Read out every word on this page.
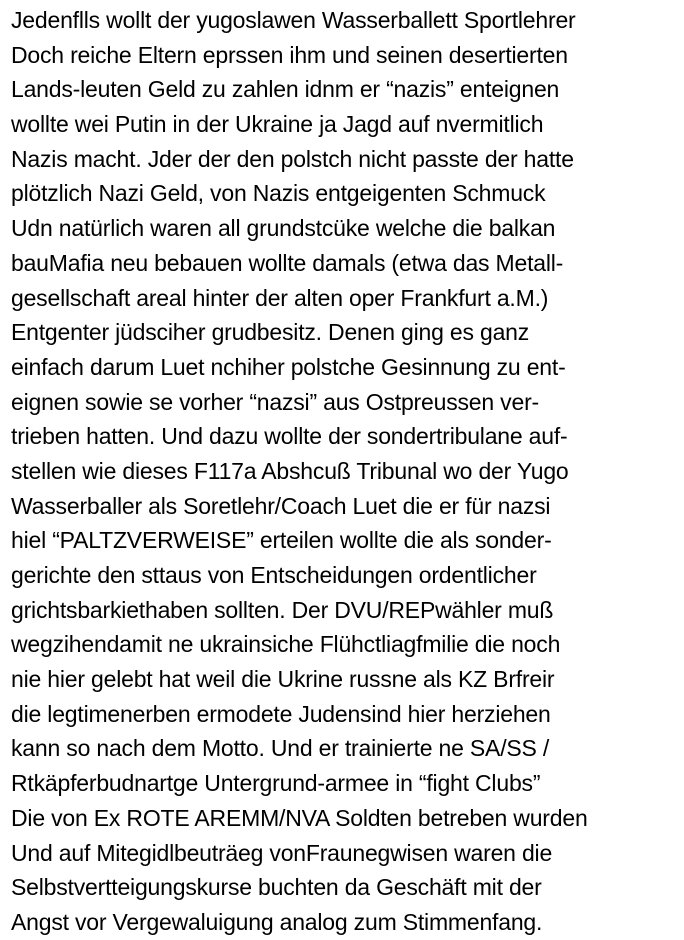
Jedenflls wollt der yugoslawen Wasserballett Sportlehrer
Doch reiche Eltern eprssen ihm und seinen desertierten
Lands-leuten Geld zu zahlen idnm er “nazis” enteignen
wollte wei Putin in der Ukraine ja Jagd auf nvermitlich
Nazis macht. Jder der den polstch nicht passte der hatte
plötzlich Nazi Geld, von Nazis entgeigenten Schmuck
Udn natürlich waren all grundstcüke welche die balkan
bauMafia neu bebauen wollte damals (etwa das Metall-
gesellschaft areal hinter der alten oper Frankfurt a.M.)
Entgenter jüdsciher grudbesitz. Denen ging es ganz
einfach darum Luet nchiher polstche Gesinnung zu ent-
eignen sowie se vorher “nazsi” aus Ostpreussen ver-
trieben hatten. Und dazu wollte der sondertribulane auf-
stellen wie dieses F117a Abshcuß Tribunal wo der Yugo
Wasserballer als Soretlehr/Coach Luet die er für nazsi
hiel “PALTZVERWEISE” erteilen wollte die als sonder-
gerichte den sttaus von Entscheidungen ordentlicher
grichtsbarkiethaben sollten. Der DVU/REPwähler muß
wegzihendamit ne ukrainsiche Flühctliagfmilie die noch
nie hier gelebt hat weil die Ukrine russne als KZ Brfreir
die legtimenerben ermodete Judensind hier herziehen
kann so nach dem Motto. Und er trainierte ne SA/SS /
Rtkäpferbudnartge Untergrund-armee in “fight Clubs”
Die von Ex ROTE AREMM/NVA Soldten betreben wurden
Und auf Mitegidlbeuträeg vonFraunegwisen waren die
Selbstvertteigungskurse buchten da Geschäft mit der
Angst vor Vergewaluigung analog zum Stimmenfang.
